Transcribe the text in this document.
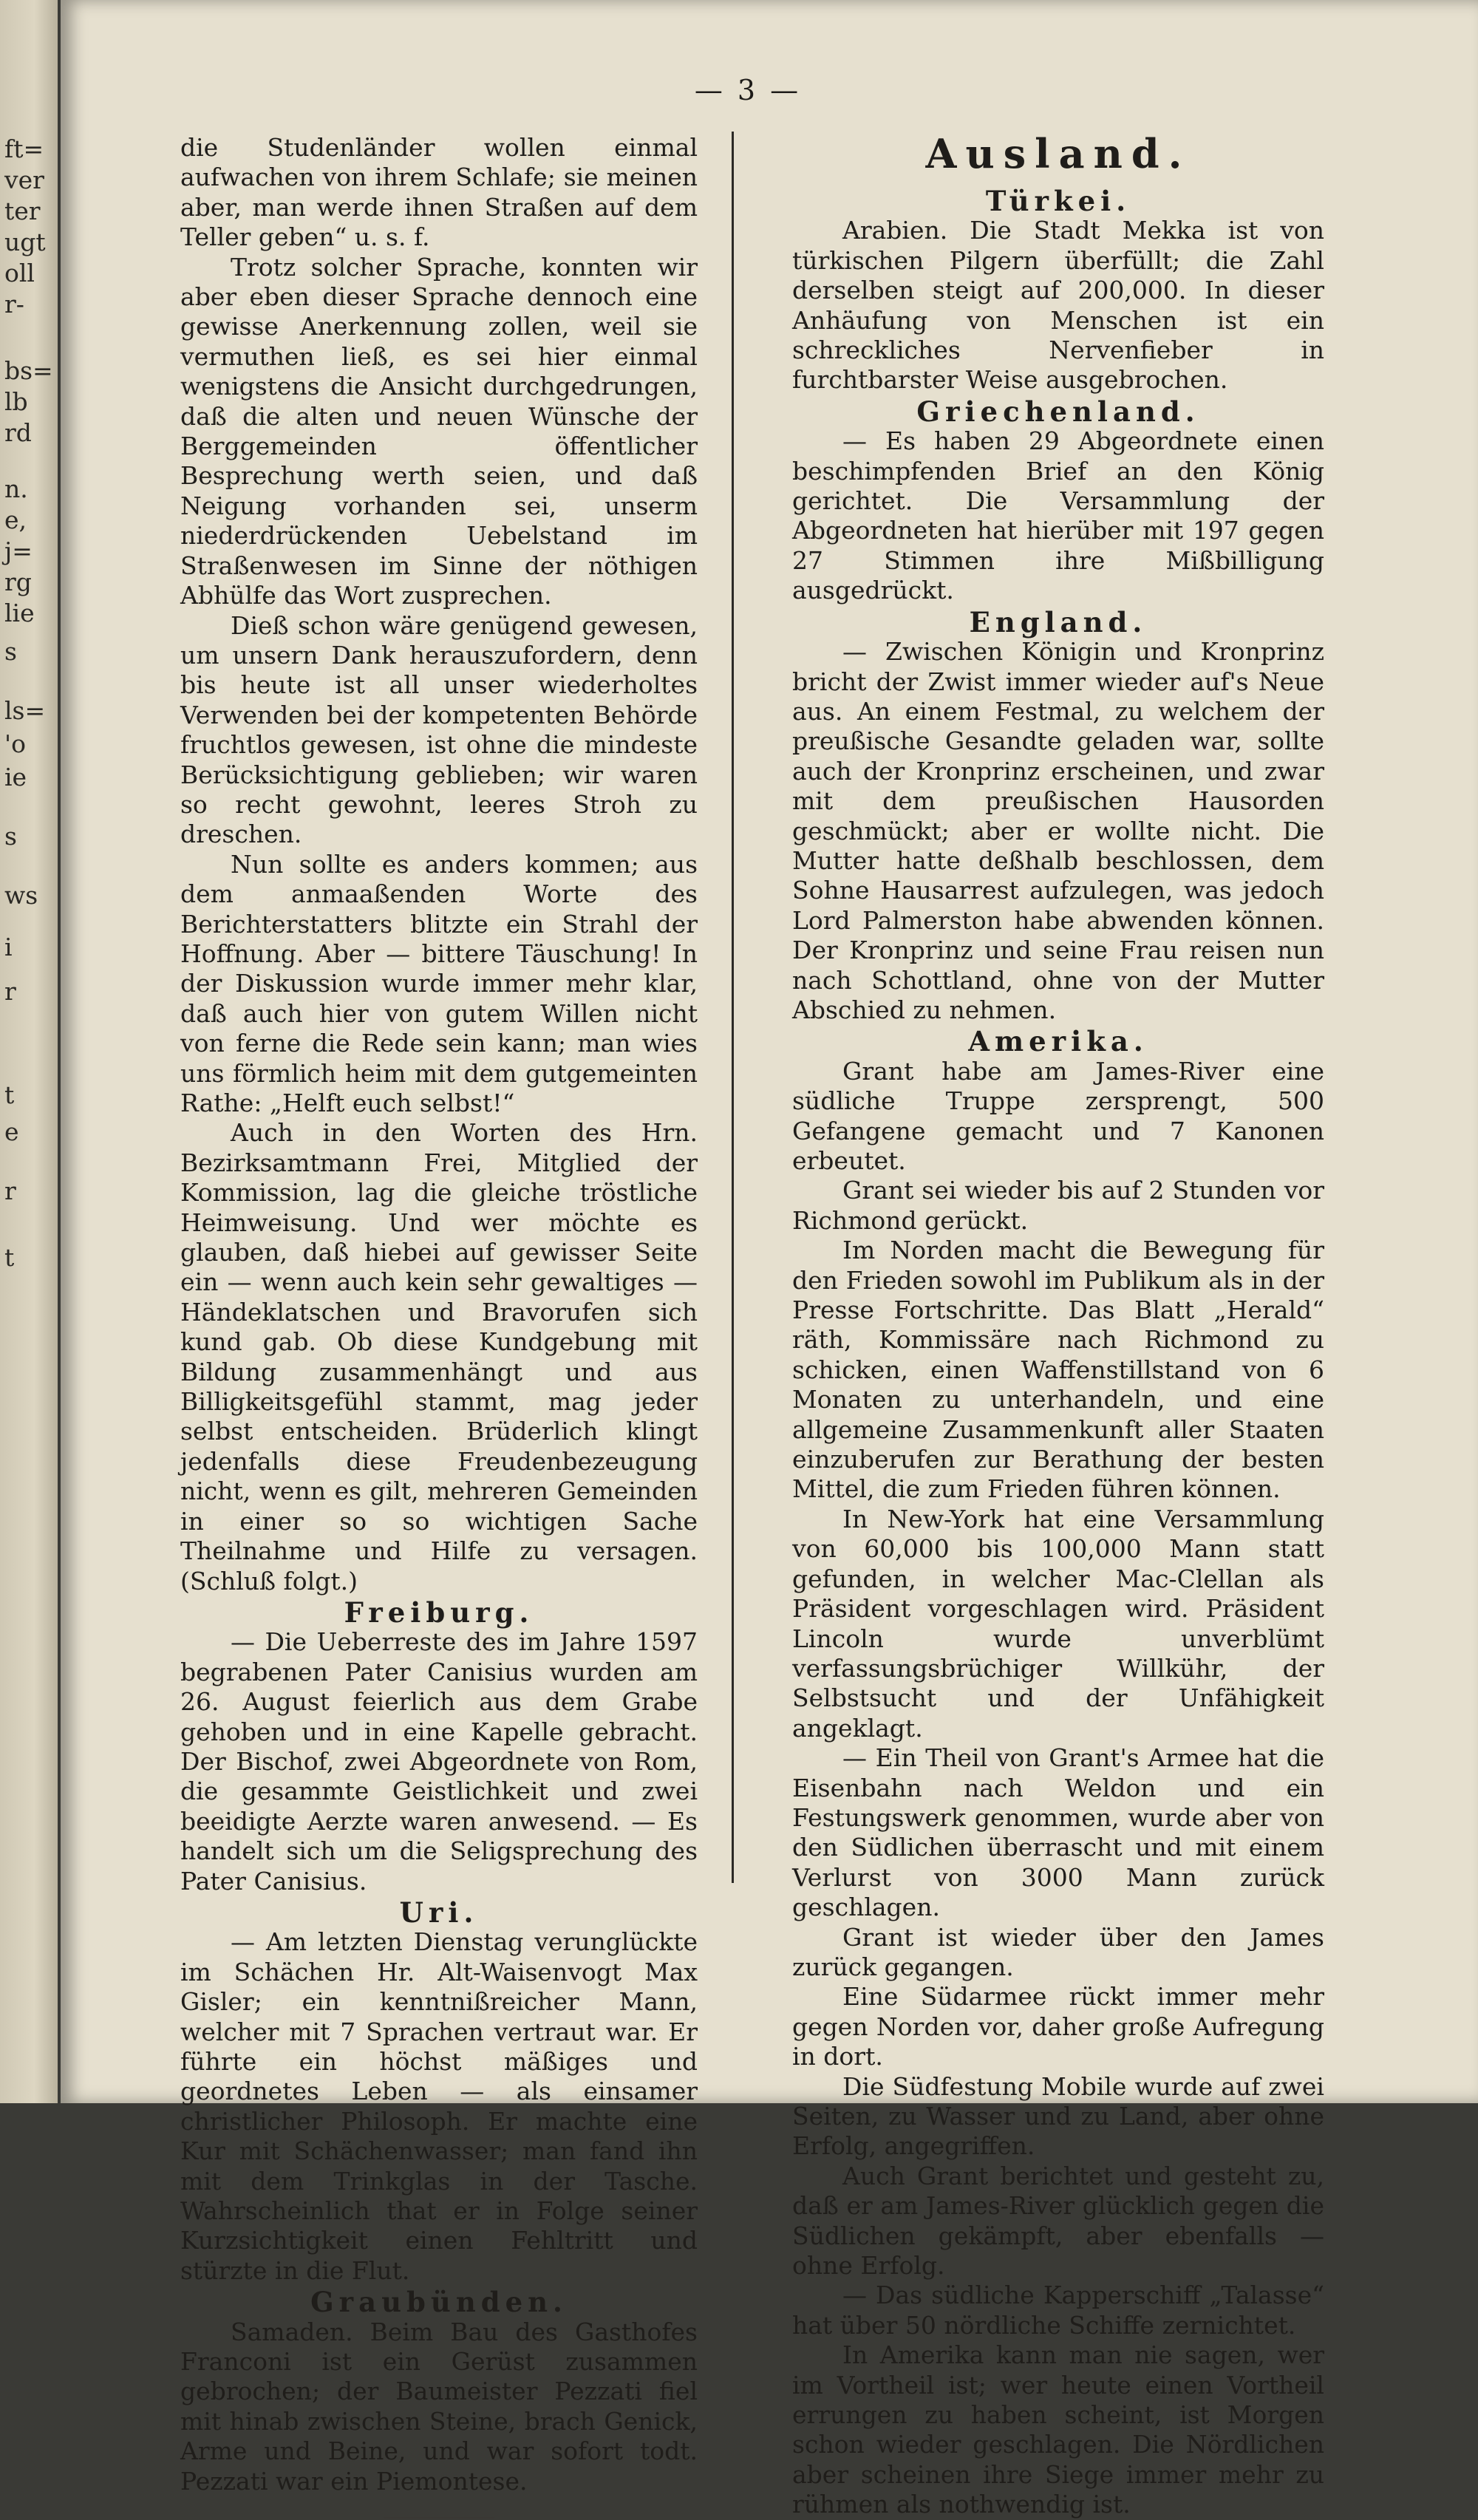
ft=
ver
ter
ugt
oll
r-
bs=
lb
rd
n.
e,
j=
rg
lie
s
ls=
'o
ie
s
ws
i
r
t
e
r
t
— 3 —

die Studenländer wollen einmal aufwachen von ihrem Schlafe; sie meinen aber, man werde ihnen Straßen auf dem Teller geben“ u. s. f.

Trotz solcher Sprache, konnten wir aber eben dieser Sprache dennoch eine gewisse Anerkennung zollen, weil sie vermuthen ließ, es sei hier einmal wenigstens die Ansicht durchgedrungen, daß die alten und neuen Wünsche der Berggemeinden öffentlicher Besprechung werth seien, und daß Neigung vorhanden sei, unserm niederdrückenden Uebelstand im Straßenwesen im Sinne der nöthigen Abhülfe das Wort zusprechen.

Dieß schon wäre genügend gewesen, um unsern Dank herauszufordern, denn bis heute ist all unser wiederholtes Verwenden bei der kompetenten Behörde fruchtlos gewesen, ist ohne die mindeste Berücksichtigung geblieben; wir waren so recht gewohnt, leeres Stroh zu dreschen.

Nun sollte es anders kommen; aus dem anmaaßenden Worte des Berichterstatters blitzte ein Strahl der Hoffnung. Aber — bittere Täuschung! In der Diskussion wurde immer mehr klar, daß auch hier von gutem Willen nicht von ferne die Rede sein kann; man wies uns förmlich heim mit dem gutgemeinten Rathe: „Helft euch selbst!“

Auch in den Worten des Hrn. Bezirksamtmann Frei, Mitglied der Kommission, lag die gleiche tröstliche Heimweisung. Und wer möchte es glauben, daß hiebei auf gewisser Seite ein — wenn auch kein sehr gewaltiges — Händeklatschen und Bravorufen sich kund gab. Ob diese Kundgebung mit Bildung zusammenhängt und aus Billigkeitsgefühl stammt, mag jeder selbst entscheiden. Brüderlich klingt jedenfalls diese Freudenbezeugung nicht, wenn es gilt, mehreren Gemeinden in einer so so wichtigen Sache Theilnahme und Hilfe zu versagen. (Schluß folgt.)

Freiburg.

— Die Ueberreste des im Jahre 1597 begrabenen Pater Canisius wurden am 26. August feierlich aus dem Grabe gehoben und in eine Kapelle gebracht. Der Bischof, zwei Abgeordnete von Rom, die gesammte Geistlichkeit und zwei beeidigte Aerzte waren anwesend. — Es handelt sich um die Seligsprechung des Pater Canisius.

Uri.

— Am letzten Dienstag verunglückte im Schächen Hr. Alt-Waisenvogt Max Gisler; ein kenntnißreicher Mann, welcher mit 7 Sprachen vertraut war. Er führte ein höchst mäßiges und geordnetes Leben — als einsamer christlicher Philosoph. Er machte eine Kur mit Schächenwasser; man fand ihn mit dem Trinkglas in der Tasche. Wahrscheinlich that er in Folge seiner Kurzsichtigkeit einen Fehltritt und stürzte in die Flut.

Graubünden.

Samaden. Beim Bau des Gasthofes Franconi ist ein Gerüst zusammen gebrochen; der Baumeister Pezzati fiel mit hinab zwischen Steine, brach Genick, Arme und Beine, und war sofort todt. Pezzati war ein Piemontese.

Ausland.
Türkei.

Arabien. Die Stadt Mekka ist von türkischen Pilgern überfüllt; die Zahl derselben steigt auf 200,000. In dieser Anhäufung von Menschen ist ein schreckliches Nervenfieber in furchtbarster Weise ausgebrochen.

Griechenland.

— Es haben 29 Abgeordnete einen beschimpfenden Brief an den König gerichtet. Die Versammlung der Abgeordneten hat hierüber mit 197 gegen 27 Stimmen ihre Mißbilligung ausgedrückt.

England.

— Zwischen Königin und Kronprinz bricht der Zwist immer wieder auf's Neue aus. An einem Festmal, zu welchem der preußische Gesandte geladen war, sollte auch der Kronprinz erscheinen, und zwar mit dem preußischen Hausorden geschmückt; aber er wollte nicht. Die Mutter hatte deßhalb beschlossen, dem Sohne Hausarrest aufzulegen, was jedoch Lord Palmerston habe abwenden können. Der Kronprinz und seine Frau reisen nun nach Schottland, ohne von der Mutter Abschied zu nehmen.

Amerika.

Grant habe am James-River eine südliche Truppe zersprengt, 500 Gefangene gemacht und 7 Kanonen erbeutet.

Grant sei wieder bis auf 2 Stunden vor Richmond gerückt.

Im Norden macht die Bewegung für den Frieden sowohl im Publikum als in der Presse Fortschritte. Das Blatt „Herald“ räth, Kommissäre nach Richmond zu schicken, einen Waffenstillstand von 6 Monaten zu unterhandeln, und eine allgemeine Zusammenkunft aller Staaten einzuberufen zur Berathung der besten Mittel, die zum Frieden führen können.

In New-York hat eine Versammlung von 60,000 bis 100,000 Mann statt gefunden, in welcher Mac-Clellan als Präsident vorgeschlagen wird. Präsident Lincoln wurde unverblümt verfassungsbrüchiger Willkühr, der Selbstsucht und der Unfähigkeit angeklagt.

— Ein Theil von Grant's Armee hat die Eisenbahn nach Weldon und ein Festungswerk genommen, wurde aber von den Südlichen überrascht und mit einem Verlurst von 3000 Mann zurück geschlagen.

Grant ist wieder über den James zurück gegangen.

Eine Südarmee rückt immer mehr gegen Norden vor, daher große Aufregung in dort.

Die Südfestung Mobile wurde auf zwei Seiten, zu Wasser und zu Land, aber ohne Erfolg, angegriffen.

Auch Grant berichtet und gesteht zu, daß er am James-River glücklich gegen die Südlichen gekämpft, aber ebenfalls — ohne Erfolg.

— Das südliche Kapperschiff „Talasse“ hat über 50 nördliche Schiffe zernichtet.

In Amerika kann man nie sagen, wer im Vortheil ist; wer heute einen Vortheil errungen zu haben scheint, ist Morgen schon wieder geschlagen. Die Nördlichen aber scheinen ihre Siege immer mehr zu rühmen als nothwendig ist.
